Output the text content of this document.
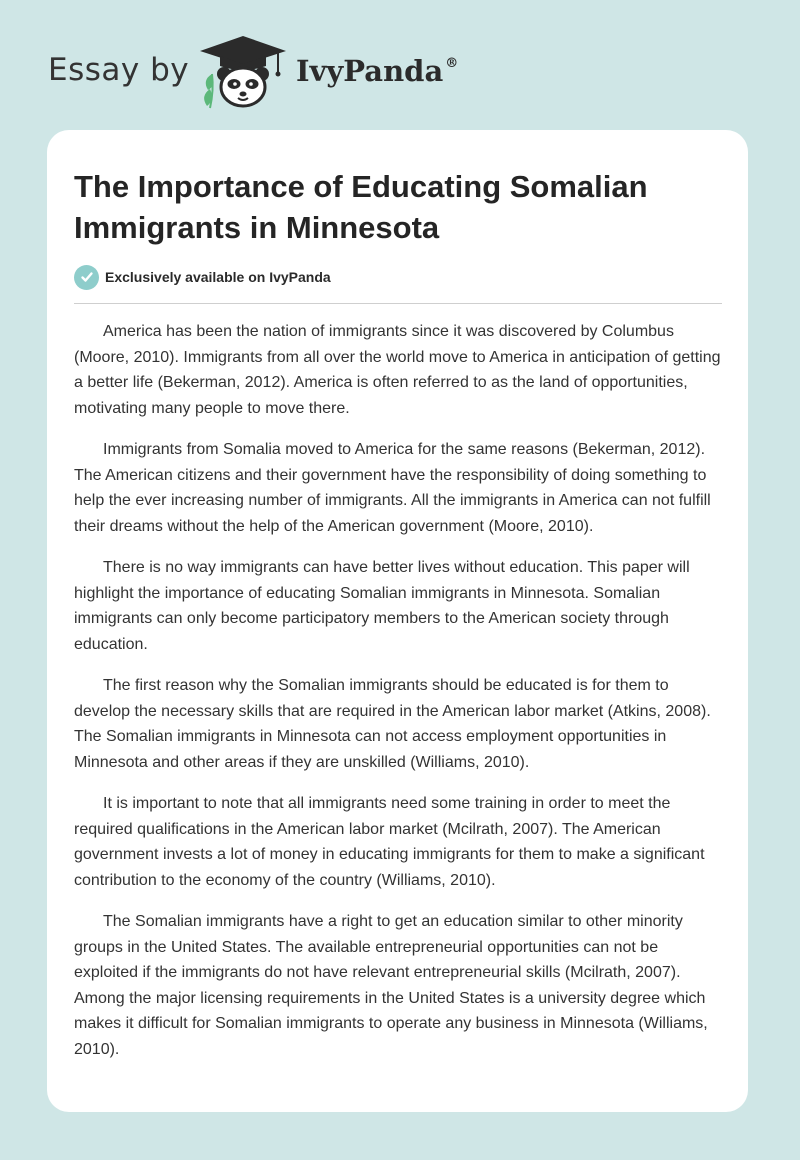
Essay by	IvyPanda ®
The Importance of Educating Somalian Immigrants in Minnesota
Exclusively available on IvyPanda

America has been the nation of immigrants since it was discovered by Columbus (Moore, 2010). Immigrants from all over the world move to America in anticipation of getting a better life (Bekerman, 2012). America is often referred to as the land of opportunities, motivating many people to move there.

Immigrants from Somalia moved to America for the same reasons (Bekerman, 2012). The American citizens and their government have the responsibility of doing something to help the ever increasing number of immigrants. All the immigrants in America can not fulfill their dreams without the help of the American government (Moore, 2010).

There is no way immigrants can have better lives without education. This paper will highlight the importance of educating Somalian immigrants in Minnesota. Somalian immigrants can only become participatory members to the American society through education.

The first reason why the Somalian immigrants should be educated is for them to develop the necessary skills that are required in the American labor market (Atkins, 2008). The Somalian immigrants in Minnesota can not access employment opportunities in Minnesota and other areas if they are unskilled (Williams, 2010).

It is important to note that all immigrants need some training in order to meet the required qualifications in the American labor market (Mcilrath, 2007). The American government invests a lot of money in educating immigrants for them to make a significant contribution to the economy of the country (Williams, 2010).

The Somalian immigrants have a right to get an education similar to other minority groups in the United States. The available entrepreneurial opportunities can not be exploited if the immigrants do not have relevant entrepreneurial skills (Mcilrath, 2007). Among the major licensing requirements in the United States is a university degree which makes it difficult for Somalian immigrants to operate any business in Minnesota (Williams, 2010).
